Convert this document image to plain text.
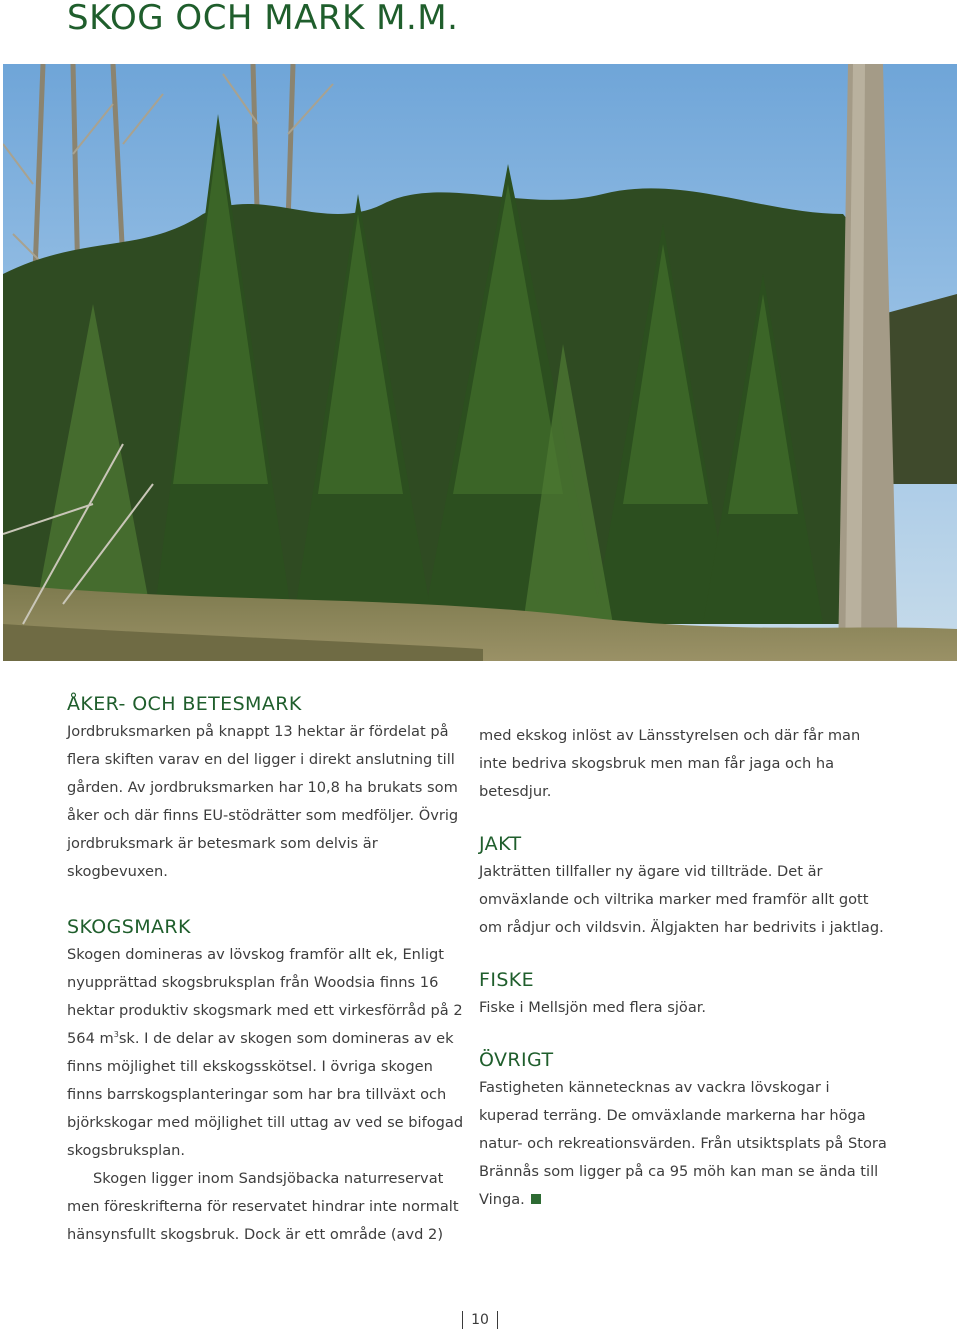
SKOG OCH MARK M.M.
ÅKER- OCH BETESMARK

Jordbruksmarken på knappt 13 hektar är fördelat på flera skiften varav en del ligger i direkt anslutning till gården. Av jordbruksmarken har 10,8 ha brukats som åker och där finns EU-stödrätter som medföljer. Övrig jordbruksmark är betesmark som delvis är skogbevuxen.

SKOGSMARK

Skogen domineras av lövskog framför allt ek, Enligt nyupprättad skogsbruksplan från Woodsia finns 16 hektar produktiv skogsmark med ett virkesförråd på 2 564 $m^3sk$. I de delar av skogen som domineras av ek finns möjlighet till ekskogsskötsel. I övriga skogen finns barrskogsplanteringar som har bra tillväxt och björkskogar med möjlighet till uttag av ved se bifogad skogsbruksplan.

Skogen ligger inom Sandsjöbacka naturreservat men föreskrifterna för reservatet hindrar inte normalt hänsynsfullt skogsbruk. Dock är ett område (avd 2)

med ekskog inlöst av Länsstyrelsen och där får man inte bedriva skogsbruk men man får jaga och ha betesdjur.

JAKT

Jakträtten tillfaller ny ägare vid tillträde. Det är omväxlande och viltrika marker med framför allt gott om rådjur och vildsvin. Älgjakten har bedrivits i jaktlag.

FISKE

Fiske i Mellsjön med flera sjöar.

ÖVRIGT

Fastigheten kännetecknas av vackra lövskogar i kuperad terräng. De omväxlande markerna har höga natur- och rekreationsvärden. Från utsiktsplats på Stora Brännås som ligger på ca 95 möh kan man se ända till Vinga.

10
